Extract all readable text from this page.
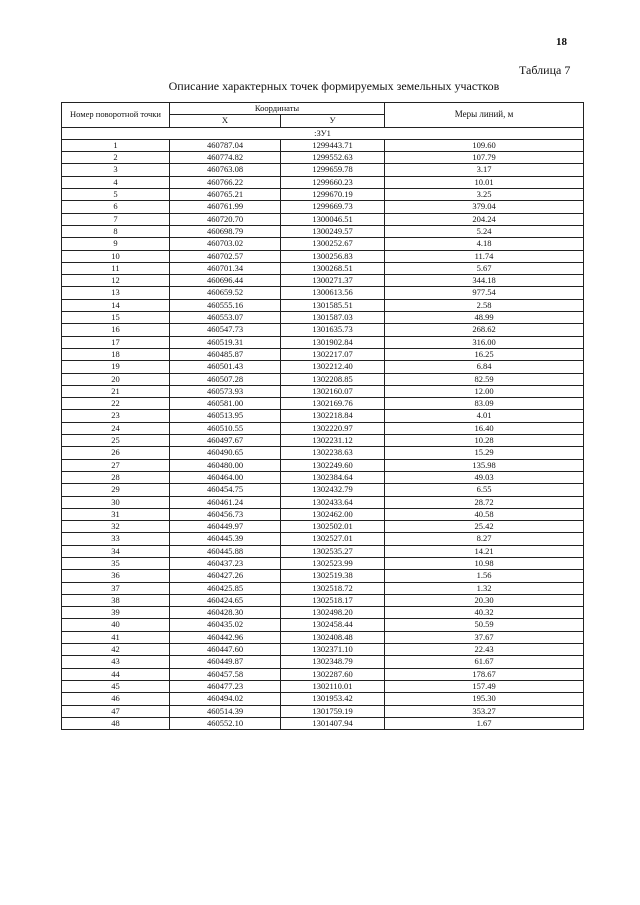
18
Таблица 7
Описание характерных точек формируемых земельных участков
Номер поворотной точки	Координаты		Меры линий, м
	X	У	
:ЗУ1			
1	460787.04	1299443.71	109.60
2	460774.82	1299552.63	107.79
3	460763.08	1299659.78	3.17
4	460766.22	1299660.23	10.01
5	460765.21	1299670.19	3.25
6	460761.99	1299669.73	379.04
7	460720.70	1300046.51	204.24
8	460698.79	1300249.57	5.24
9	460703.02	1300252.67	4.18
10	460702.57	1300256.83	11.74
11	460701.34	1300268.51	5.67
12	460696.44	1300271.37	344.18
13	460659.52	1300613.56	977.54
14	460555.16	1301585.51	2.58
15	460553.07	1301587.03	48.99
16	460547.73	1301635.73	268.62
17	460519.31	1301902.84	316.00
18	460485.87	1302217.07	16.25
19	460501.43	1302212.40	6.84
20	460507.28	1302208.85	82.59
21	460573.93	1302160.07	12.00
22	460581.00	1302169.76	83.09
23	460513.95	1302218.84	4.01
24	460510.55	1302220.97	16.40
25	460497.67	1302231.12	10.28
26	460490.65	1302238.63	15.29
27	460480.00	1302249.60	135.98
28	460464.00	1302384.64	49.03
29	460454.75	1302432.79	6.55
30	460461.24	1302433.64	28.72
31	460456.73	1302462.00	40.58
32	460449.97	1302502.01	25.42
33	460445.39	1302527.01	8.27
34	460445.88	1302535.27	14.21
35	460437.23	1302523.99	10.98
36	460427.26	1302519.38	1.56
37	460425.85	1302518.72	1.32
38	460424.65	1302518.17	20.30
39	460428.30	1302498.20	40.32
40	460435.02	1302458.44	50.59
41	460442.96	1302408.48	37.67
42	460447.60	1302371.10	22.43
43	460449.87	1302348.79	61.67
44	460457.58	1302287.60	178.67
45	460477.23	1302110.01	157.49
46	460494.02	1301953.42	195.30
47	460514.39	1301759.19	353.27
48	460552.10	1301407.94	1.67
